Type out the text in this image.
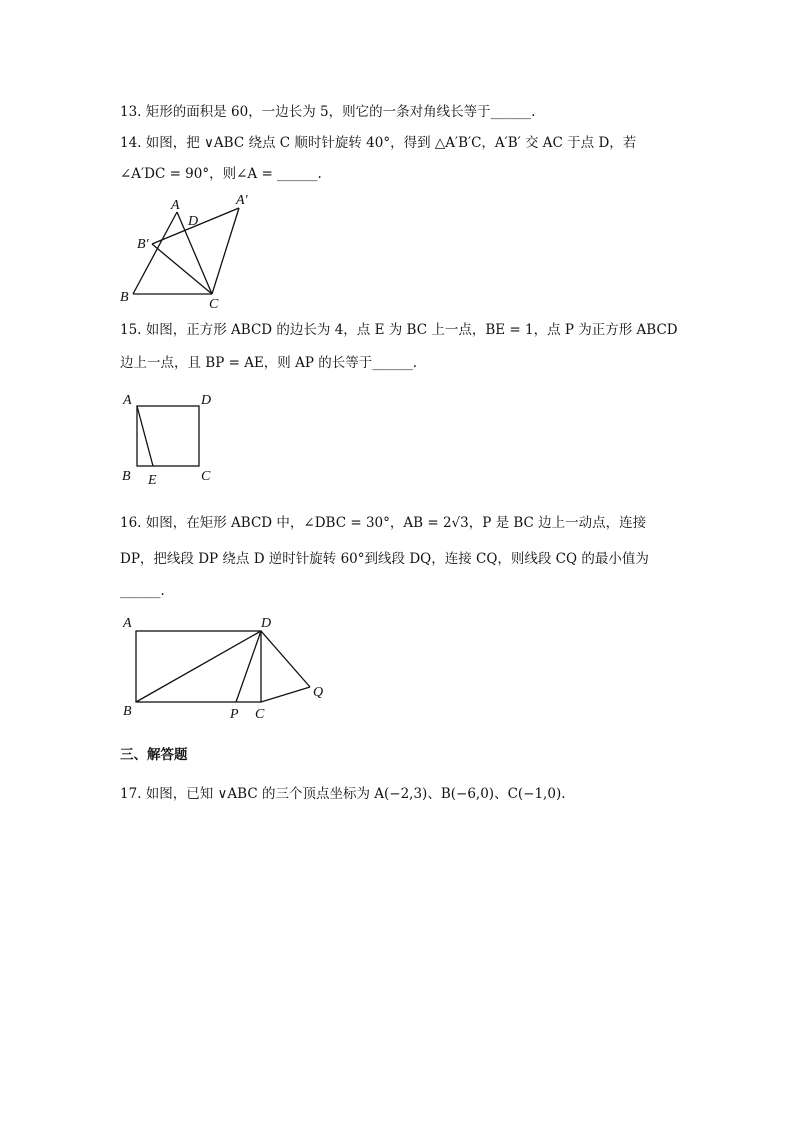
13. 矩形的面积是 60，一边长为 5，则它的一条对角线长等于______.
14. 如图，把 ∨ABC 绕点 C 顺时针旋转 40°，得到 △A′B′C，A′B′ 交 AC 于点 D，若
∠A′DC = 90°，则∠A = ______.
A	A′
D
B′
B	C
15. 如图，正方形 ABCD 的边长为 4，点 E 为 BC 上一点，BE = 1，点 P 为正方形 ABCD
边上一点，且 BP = AE，则 AP 的长等于______.
A	D
B E	C
16. 如图，在矩形 ABCD 中，∠DBC = 30°，AB = 2√3，P 是 BC 边上一动点，连接
DP，把线段 DP 绕点 D 逆时针旋转 60°到线段 DQ，连接 CQ，则线段 CQ 的最小值为
______.
A	D
B	P C
Q
三、解答题
17. 如图，已知 ∨ABC 的三个顶点坐标为 A(−2,3)、B(−6,0)、C(−1,0).
